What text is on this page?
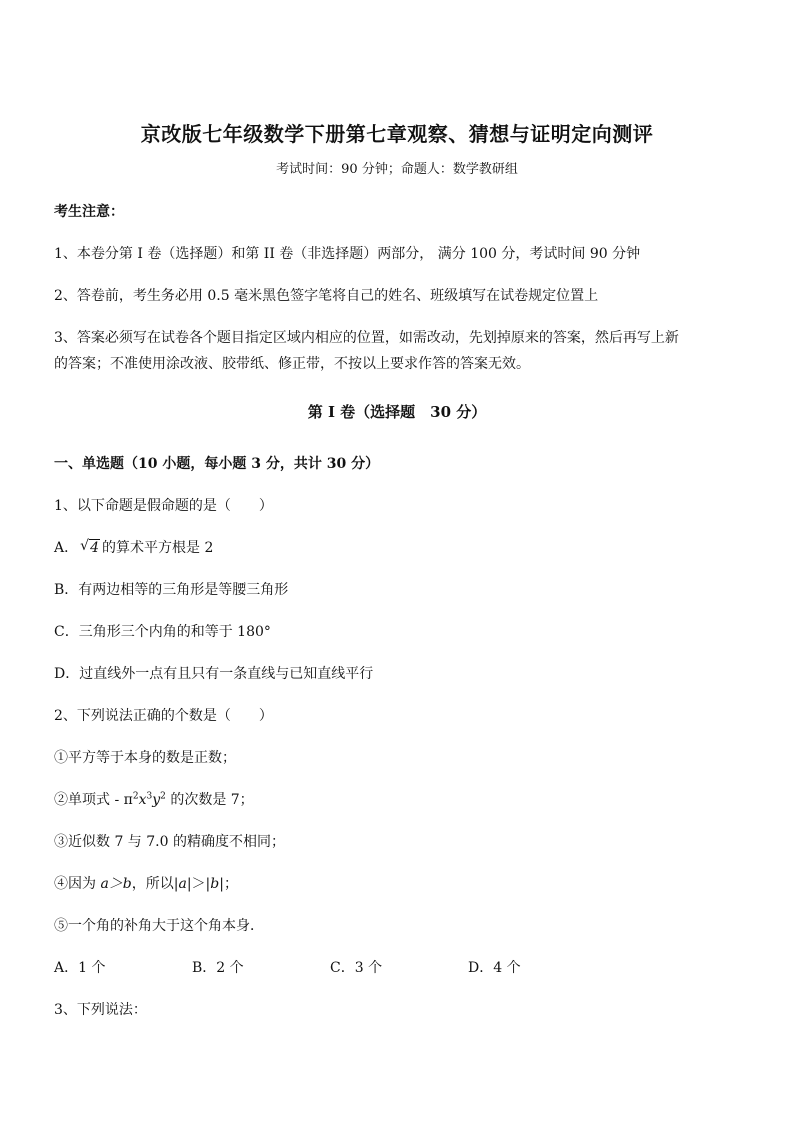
京改版七年级数学下册第七章观察、猜想与证明定向测评
考试时间：90 分钟；命题人：数学教研组
考生注意：
1、本卷分第 I 卷（选择题）和第 II 卷（非选择题）两部分， 满分 100 分，考试时间 90 分钟
2、答卷前，考生务必用 0.5 毫米黑色签字笔将自己的姓名、班级填写在试卷规定位置上
3、答案必须写在试卷各个题目指定区域内相应的位置，如需改动，先划掉原来的答案，然后再写上新
的答案；不准使用涂改液、胶带纸、修正带，不按以上要求作答的答案无效。
第 I 卷（选择题　30 分）
一、单选题（10 小题，每小题 3 分，共计 30 分）
1、以下命题是假命题的是（　　）
A．√ 4 的算术平方根是 2
B．有两边相等的三角形是等腰三角形
C．三角形三个内角的和等于 180°
D．过直线外一点有且只有一条直线与已知直线平行
2、下列说法正确的个数是（　　）
①平方等于本身的数是正数；
②单项式 - $\pi^2x^3y^2$ 的次数是 7；
③近似数 7 与 7.0 的精确度不相同；
④因为 a＞b，所以|a|＞|b|；
⑤一个角的补角大于这个角本身．
A．1 个	B．2 个	C．3 个	D．4 个
3、下列说法：
